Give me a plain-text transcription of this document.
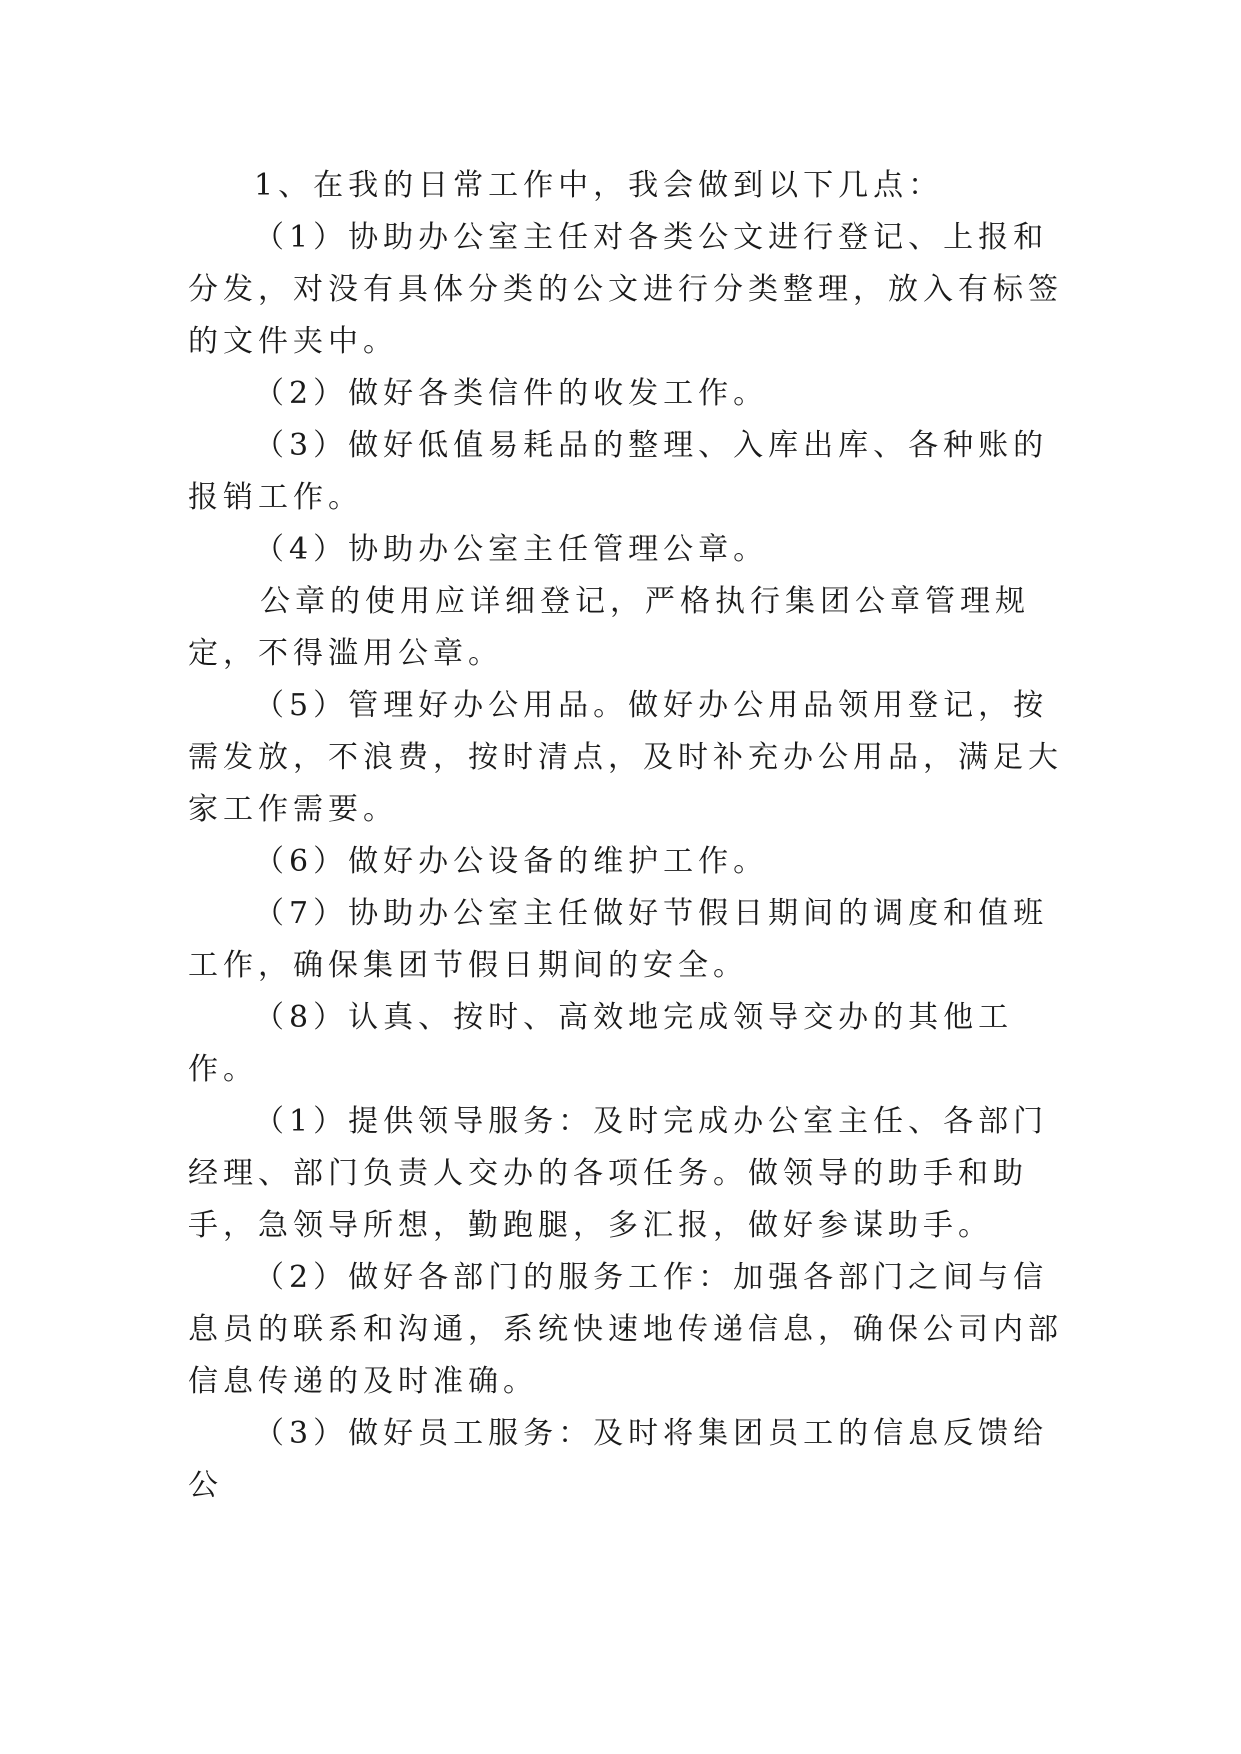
1、在我的日常工作中，我会做到以下几点：

（1）协助办公室主任对各类公文进行登记、上报和分发，对没有具体分类的公文进行分类整理，放入有标签的文件夹中。

（2）做好各类信件的收发工作。

（3）做好低值易耗品的整理、入库出库、各种账的报销工作。

（4）协助办公室主任管理公章。

公章的使用应详细登记，严格执行集团公章管理规定，不得滥用公章。

（5）管理好办公用品。做好办公用品领用登记，按需发放，不浪费，按时清点，及时补充办公用品，满足大家工作需要。

（6）做好办公设备的维护工作。

（7）协助办公室主任做好节假日期间的调度和值班工作，确保集团节假日期间的安全。

（8）认真、按时、高效地完成领导交办的其他工作。

（1）提供领导服务：及时完成办公室主任、各部门经理、部门负责人交办的各项任务。做领导的助手和助手，急领导所想，勤跑腿，多汇报，做好参谋助手。

（2）做好各部门的服务工作：加强各部门之间与信息员的联系和沟通，系统快速地传递信息，确保公司内部信息传递的及时准确。

（3）做好员工服务：及时将集团员工的信息反馈给公
